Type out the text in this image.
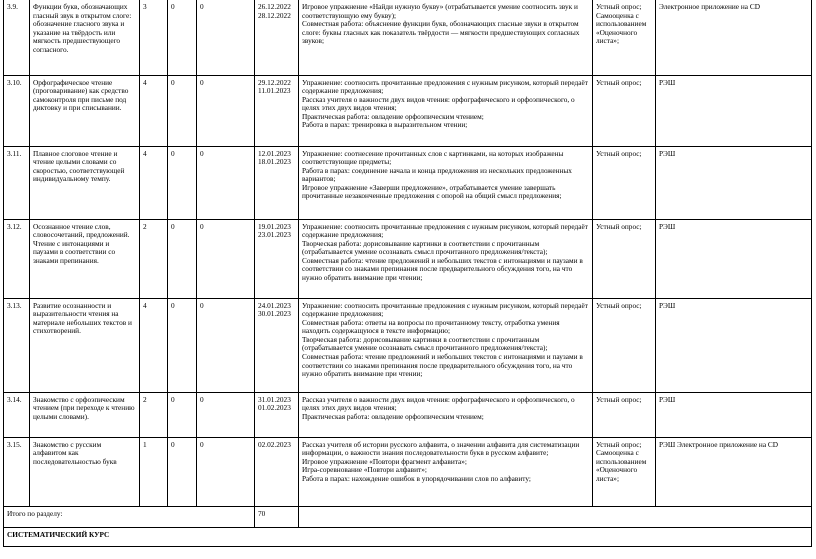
3.9.	Функции букв, обозначающих гласный звук в открытом слоге: обозначение гласного звука и указание на твёрдость или мягкость предшествующего согласного.	3	0	0	26.12.2022
28.12.2022	Игровое упражнение «Найди нужную букву» (отрабатывается умение соотносить звук и соответствующую ему букву);
Совместная работа: объяснение функции букв, обозначающих гласные звуки в открытом слоге: буквы гласных как показатель твёрдости — мягкости предшествующих согласных звуков;	Устный опрос; Самооценка с использованием «Оценочного листа»;	Электронное приложение на CD
3.10.	Орфографическое чтение (проговаривание) как средство самоконтроля при письме под диктовку и при списывании.	4	0	0	29.12.2022
11.01.2023	Упражнение: соотносить прочитанные предложения с нужным рисунком, который передаёт содержание предложения;
Рассказ учителя о важности двух видов чтения: орфографического и орфоэпического, о целях этих двух видов чтения;
Практическая работа: овладение орфоэпическим чтением;
Работа в парах: тренировка в выразительном чтении;	Устный опрос;	РЭШ
3.11.	Плавное слоговое чтение и чтение целыми словами со скоростью, соответствующей индивидуальному темпу.	4	0	0	12.01.2023
18.01.2023	Упражнение: соотнесение прочитанных слов с картинками, на которых изображены соответствующие предметы;
Работа в парах: соединение начала и конца предложения из нескольких предложенных вариантов;
Игровое упражнение «Заверши предложение», отрабатывается умение завершать прочитанные незаконченные предложения с опорой на общий смысл предложения;	Устный опрос;	РЭШ
3.12.	Осознанное чтение слов, словосочетаний, предложений. Чтение с интонациями и паузами в соответствии со знаками препинания.	2	0	0	19.01.2023
23.01.2023	Упражнение: соотносить прочитанные предложения с нужным рисунком, который передаёт содержание предложения;
Творческая работа: дорисовывание картинки в соответствии с прочитанным (отрабатывается умение осознавать смысл прочитанного предложения/текста);
Совместная работа: чтение предложений и небольших текстов с интонациями и паузами в соответствии со знаками препинания после предварительного обсуждения того, на что нужно обратить внимание при чтении;	Устный опрос;	РЭШ
3.13.	Развитие осознанности и выразительности чтения на материале небольших текстов и стихотворений.	4	0	0	24.01.2023
30.01.2023	Упражнение: соотносить прочитанные предложения с нужным рисунком, который передаёт содержание предложения;
Совместная работа: ответы на вопросы по прочитанному тексту, отработка умения находить содержащуюся в тексте информацию;
Творческая работа: дорисовывание картинки в соответствии с прочитанным (отрабатывается умение осознавать смысл прочитанного предложения/текста);
Совместная работа: чтение предложений и небольших текстов с интонациями и паузами в соответствии со знаками препинания после предварительного обсуждения того, на что нужно обратить внимание при чтении;	Устный опрос;	РЭШ
3.14.	Знакомство с орфоэпическим чтением (при переходе к чтению целыми словами).	2	0	0	31.01.2023
01.02.2023	Рассказ учителя о важности двух видов чтения: орфографического и орфоэпического, о целях этих двух видов чтения;
Практическая работа: овладение орфоэпическим чтением;	Устный опрос;	РЭШ
3.15.	Знакомство с русским алфавитом как последовательностью букв	1	0	0	02.02.2023	Рассказ учителя об истории русского алфавита, о значении алфавита для систематизации информации, о важности знания последовательности букв в русском алфавите;
Игровое упражнение «Повтори фрагмент алфавита»;
Игра-соревнование «Повтори алфавит»;
Работа в парах: нахождение ошибок в упорядочивании слов по алфавиту;	Устный опрос; Самооценка с использованием «Оценочного листа»;	РЭШ Электронное приложение на CD
Итого по разделу:					70			
СИСТЕМАТИЧЕСКИЙ КУРС								
